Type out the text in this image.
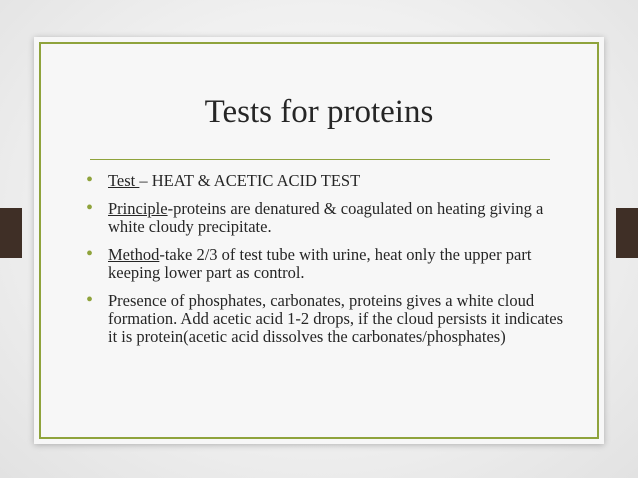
Tests for proteins
• Test – HEAT & ACETIC ACID TEST
• Principle-proteins are denatured & coagulated on heating giving a white cloudy precipitate.
• Method-take 2/3 of test tube with urine, heat only the upper part keeping lower part as control.
• Presence of phosphates, carbonates, proteins gives a white cloud formation. Add acetic acid 1-2 drops, if the cloud persists it indicates it is protein(acetic acid dissolves the carbonates/phosphates)
